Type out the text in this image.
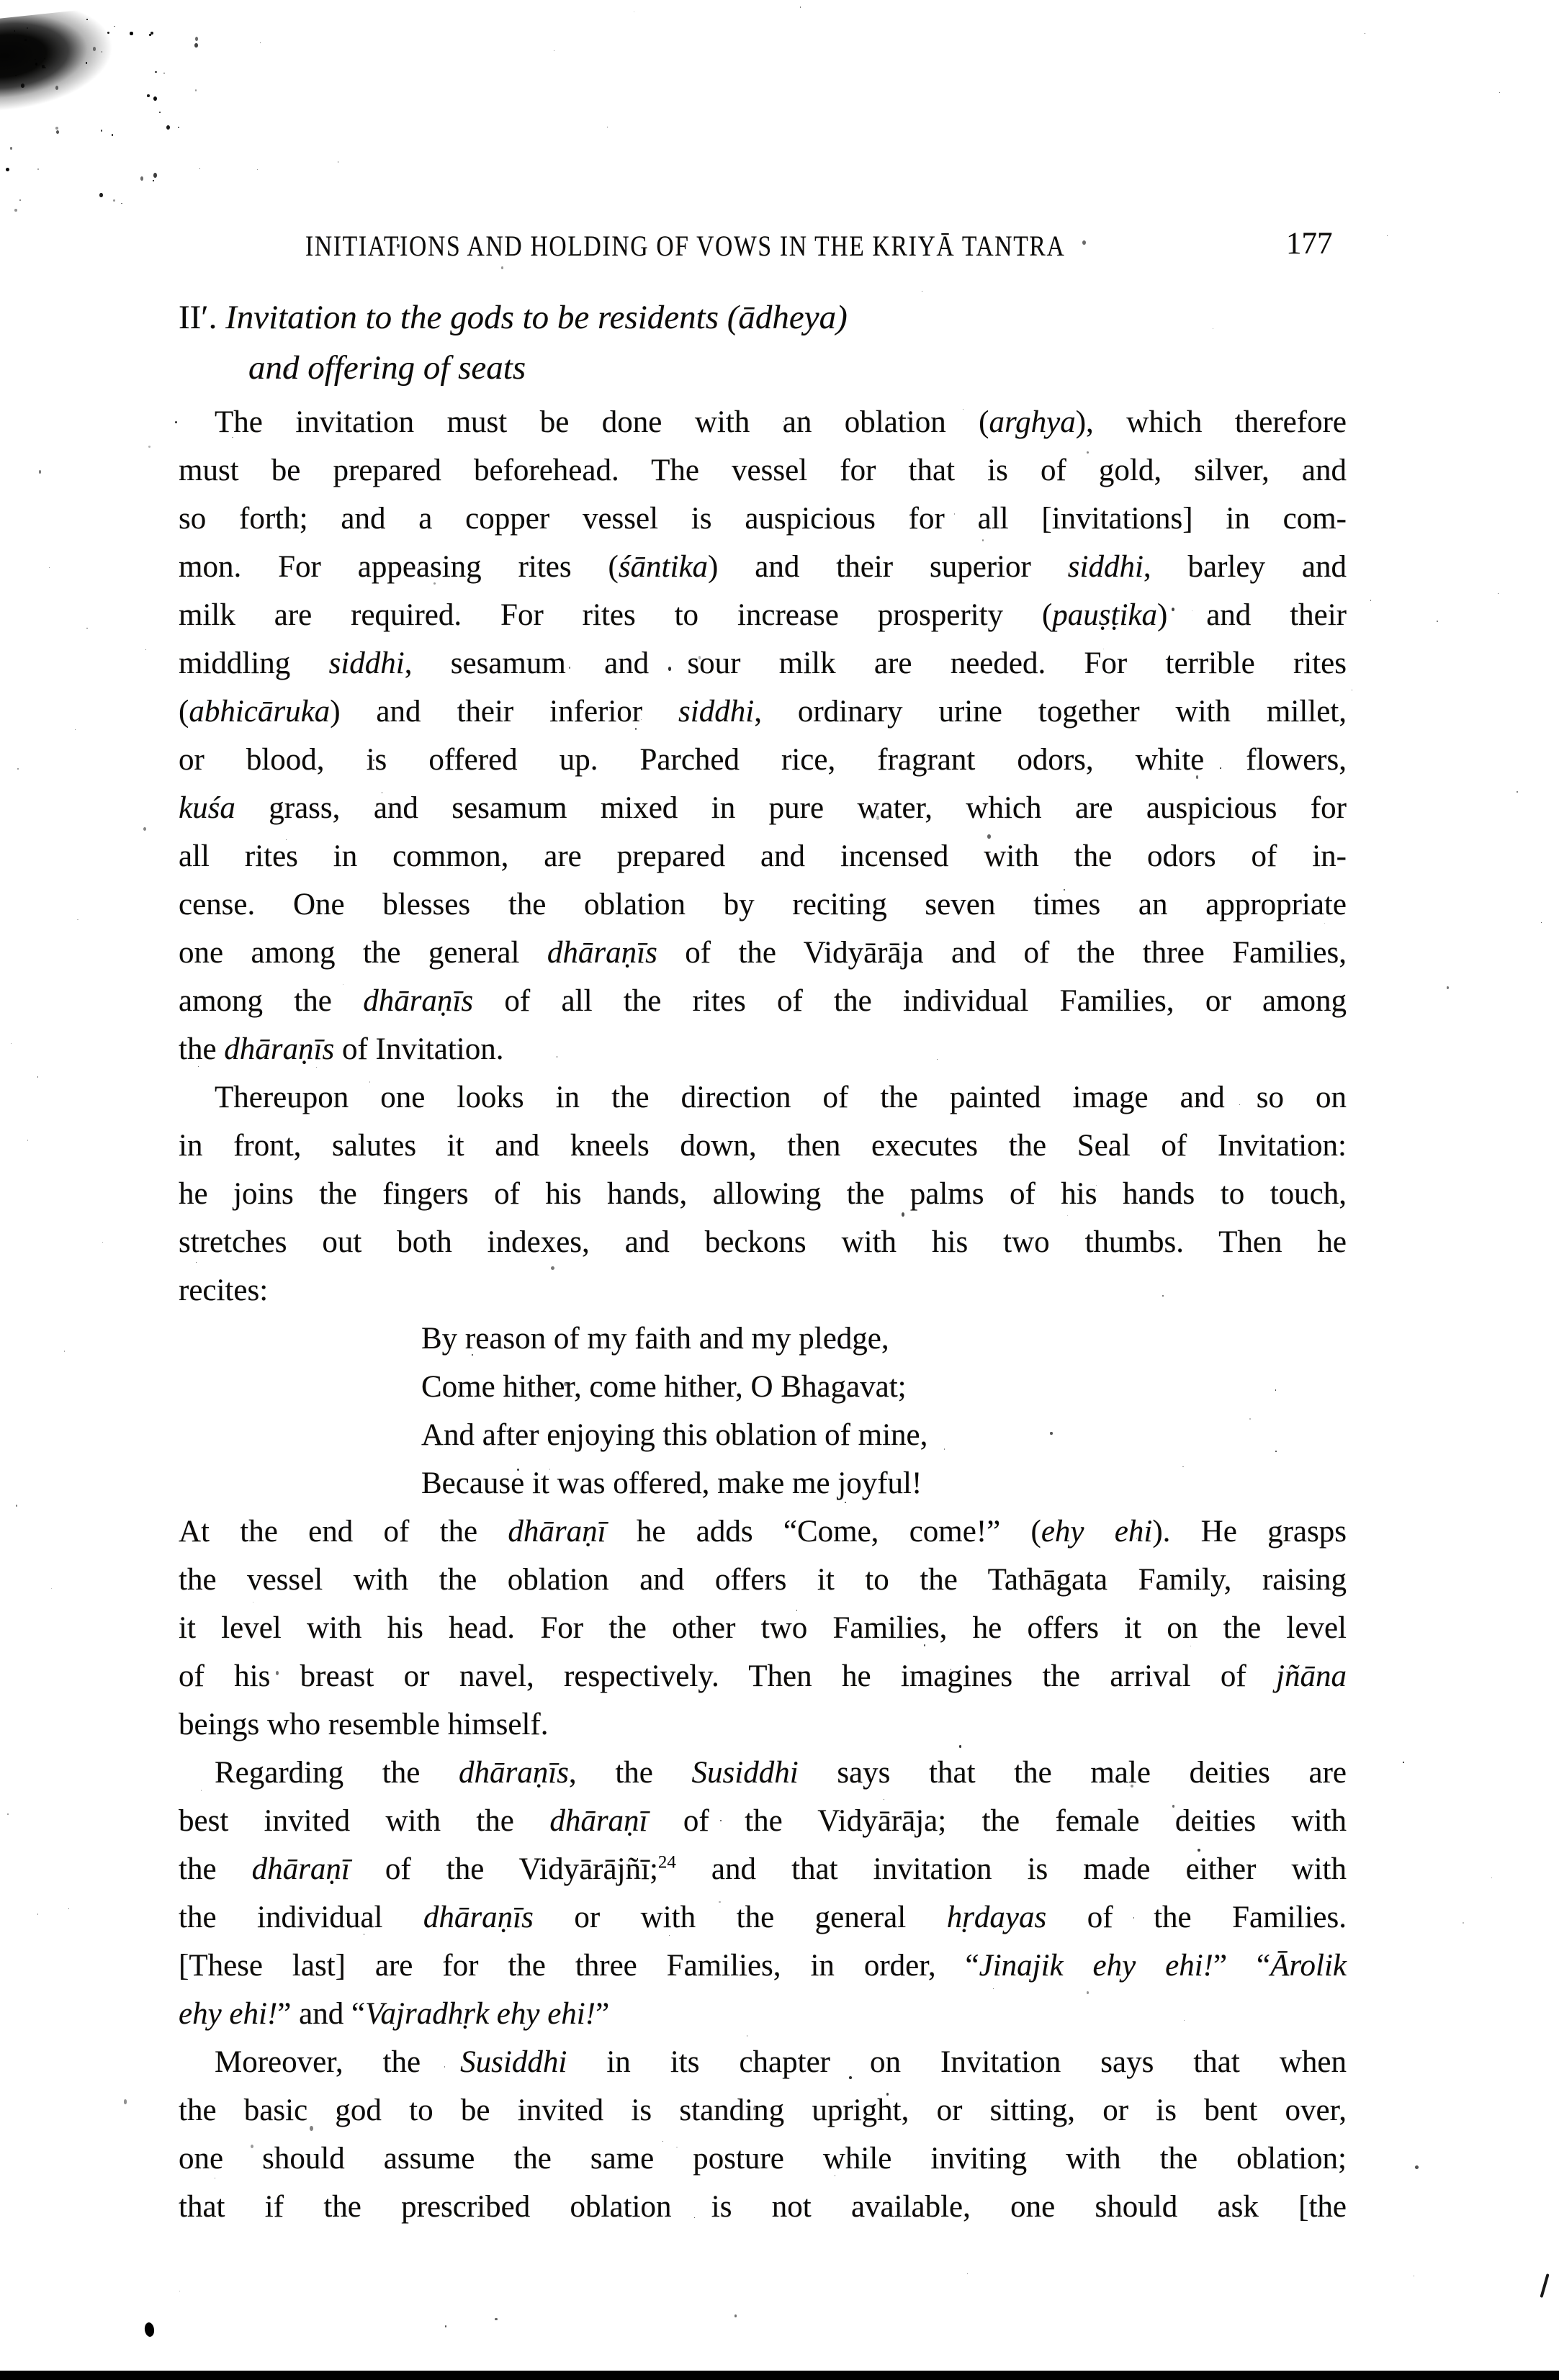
INITIATIONS AND HOLDING OF VOWS IN THE KRIYĀ TANTRA	177
II′. Invitation to the gods to be residents (ādheya)
and offering of seats
The invitation must be done with an oblation (arghya), which therefore
must be prepared beforehead. The vessel for that is of gold, silver, and
so forth; and a copper vessel is auspicious for all [invitations] in com-
mon. For appeasing rites (śāntika) and their superior siddhi, barley and
milk are required. For rites to increase prosperity (pauṣṭika) and their
middling siddhi, sesamum and sour milk are needed. For terrible rites
(abhicāruka) and their inferior siddhi, ordinary urine together with millet,
or blood, is offered up. Parched rice, fragrant odors, white flowers,
kuśa grass, and sesamum mixed in pure water, which are auspicious for
all rites in common, are prepared and incensed with the odors of in-
cense. One blesses the oblation by reciting seven times an appropriate
one among the general dhāraṇīs of the Vidyārāja and of the three Families,
among the dhāraṇīs of all the rites of the individual Families, or among
the dhāraṇīs of Invitation.
Thereupon one looks in the direction of the painted image and so on
in front, salutes it and kneels down, then executes the Seal of Invitation:
he joins the fingers of his hands, allowing the palms of his hands to touch,
stretches out both indexes, and beckons with his two thumbs. Then he
recites:
By reason of my faith and my pledge,
Come hither, come hither, O Bhagavat;
And after enjoying this oblation of mine,
Because it was offered, make me joyful!
At the end of the dhāraṇī he adds “Come, come!” (ehy ehi). He grasps
the vessel with the oblation and offers it to the Tathāgata Family, raising
it level with his head. For the other two Families, he offers it on the level
of his breast or navel, respectively. Then he imagines the arrival of jñāna
beings who resemble himself.
Regarding the dhāraṇīs, the Susiddhi says that the male deities are
best invited with the dhāraṇī of the Vidyārāja; the female deities with
the dhāraṇī of the Vidyārājñī;$^{24}$ and that invitation is made either with
the individual dhāraṇīs or with the general hṛdayas of the Families.
[These last] are for the three Families, in order, “Jinajik ehy ehi!” “Ārolik
ehy ehi!” and “Vajradhṛk ehy ehi!”
Moreover, the Susiddhi in its chapter on Invitation says that when
the basic god to be invited is standing upright, or sitting, or is bent over,
one should assume the same posture while inviting with the oblation;
that if the prescribed oblation is not available, one should ask [the
